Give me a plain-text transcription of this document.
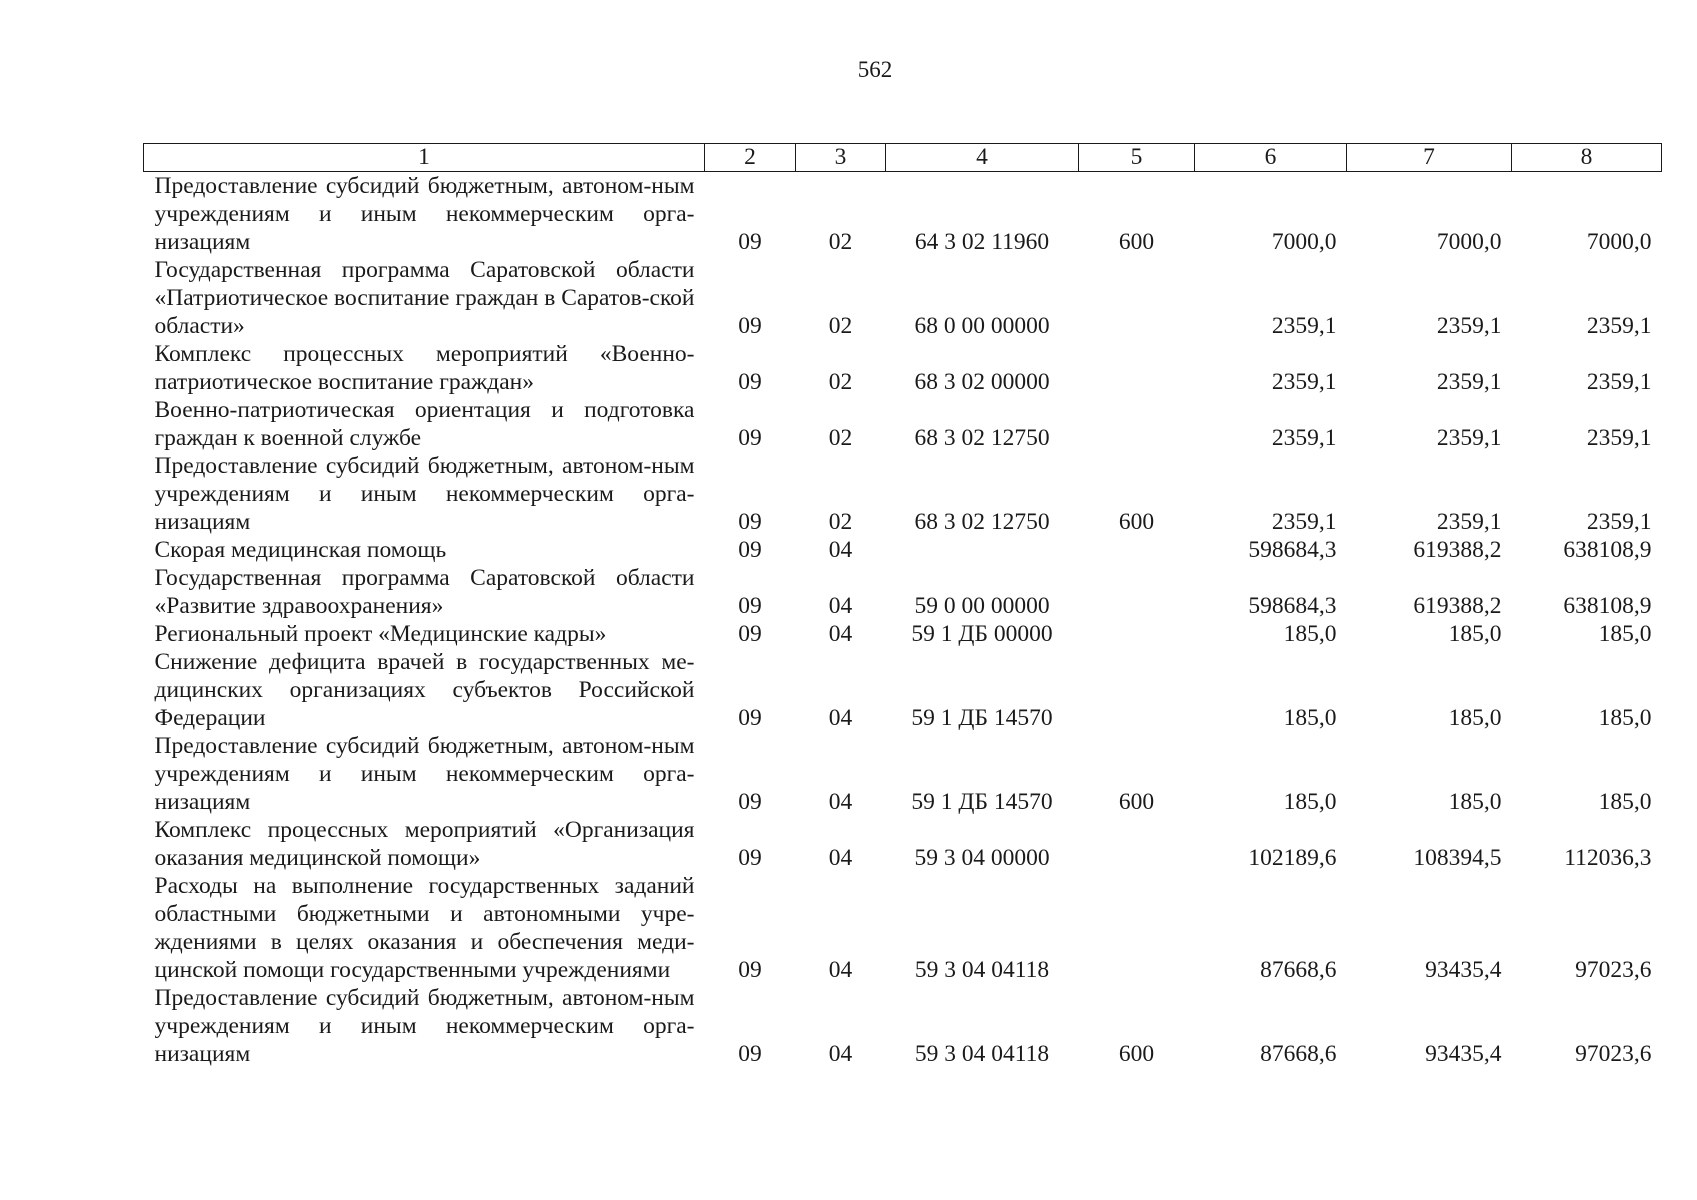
562
1	2	3	4	5	6	7	8
Предоставление субсидий бюджетным, автоном-ным учреждениям и иным некоммерческим орга-низациям	09	02	64 3 02 11960	600	7000,0	7000,0	7000,0
Государственная программа Саратовской области «Патриотическое воспитание граждан в Саратов-ской области»	09	02	68 0 00 00000		2359,1	2359,1	2359,1
Комплекс процессных мероприятий «Военно-патриотическое воспитание граждан»	09	02	68 3 02 00000		2359,1	2359,1	2359,1
Военно-патриотическая ориентация и подготовка граждан к военной службе	09	02	68 3 02 12750		2359,1	2359,1	2359,1
Предоставление субсидий бюджетным, автоном-ным учреждениям и иным некоммерческим орга-низациям	09	02	68 3 02 12750	600	2359,1	2359,1	2359,1
Скорая медицинская помощь	09	04			598684,3	619388,2	638108,9
Государственная программа Саратовской области «Развитие здравоохранения»	09	04	59 0 00 00000		598684,3	619388,2	638108,9
Региональный проект «Медицинские кадры»	09	04	59 1 ДБ 00000		185,0	185,0	185,0
Снижение дефицита врачей в государственных ме-дицинских организациях субъектов Российской Федерации	09	04	59 1 ДБ 14570		185,0	185,0	185,0
Предоставление субсидий бюджетным, автоном-ным учреждениям и иным некоммерческим орга-низациям	09	04	59 1 ДБ 14570	600	185,0	185,0	185,0
Комплекс процессных мероприятий «Организация оказания медицинской помощи»	09	04	59 3 04 00000		102189,6	108394,5	112036,3
Расходы на выполнение государственных заданий областными бюджетными и автономными учре-ждениями в целях оказания и обеспечения меди-цинской помощи государственными учреждениями	09	04	59 3 04 04118		87668,6	93435,4	97023,6
Предоставление субсидий бюджетным, автоном-ным учреждениям и иным некоммерческим орга-низациям	09	04	59 3 04 04118	600	87668,6	93435,4	97023,6
